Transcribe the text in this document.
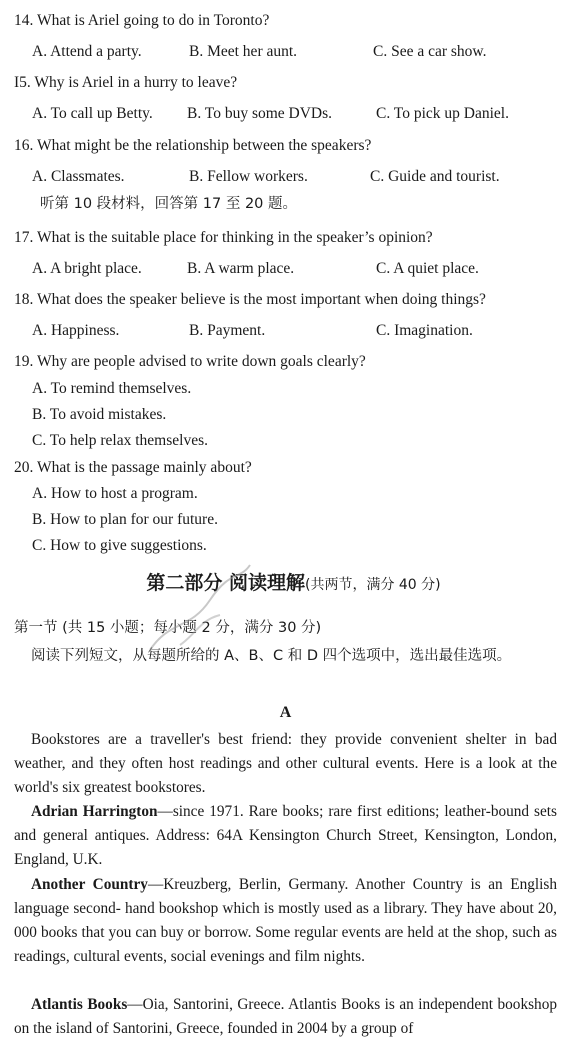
14. What is Ariel going to do in Toronto?
A. Attend a party.	B. Meet her aunt.	C. See a car show.
I5. Why is Ariel in a hurry to leave?
A. To call up Betty. B. To buy some DVDs.	C. To pick up Daniel.
16. What might be the relationship between the speakers?
A. Classmates.	B. Fellow workers.	C. Guide and tourist.
听第 10 段材料，回答第 17 至 20 题。
17. What is the suitable place for thinking in the speaker’s opinion?
A. A bright place.	B. A warm place.	C. A quiet place.
18. What does the speaker believe is the most important when doing things?
A. Happiness.	B. Payment.	C. Imagination.
19. Why are people advised to write down goals clearly?
A. To remind themselves.
B. To avoid mistakes.
C. To help relax themselves.
20. What is the passage mainly about?
A. How to host a program.
B. How to plan for our future.
C. How to give suggestions.
第二部分 阅读理解(共两节，满分 40 分)
第一节 (共 15 小题；每小题 2 分，满分 30 分)
阅读下列短文，从每题所给的 A、B、C 和 D 四个选项中，选出最佳选项。
A
Bookstores are a traveller's best friend: they provide convenient shelter in bad weather, and they often host readings and other cultural events. Here is a look at the world's six greatest bookstores.
Adrian Harrington—since 1971. Rare books; rare first editions; leather-bound sets and general antiques. Address: 64A Kensington Church Street, Kensington, London, England, U.K.
Another Country—Kreuzberg, Berlin, Germany. Another Country is an English language second- hand bookshop which is mostly used as a library. They have about 20, 000 books that you can buy or borrow. Some regular events are held at the shop, such as readings, cultural events, social evenings and film nights.
Atlantis Books—Oia, Santorini, Greece. Atlantis Books is an independent bookshop on the island of Santorini, Greece, founded in 2004 by a group of
